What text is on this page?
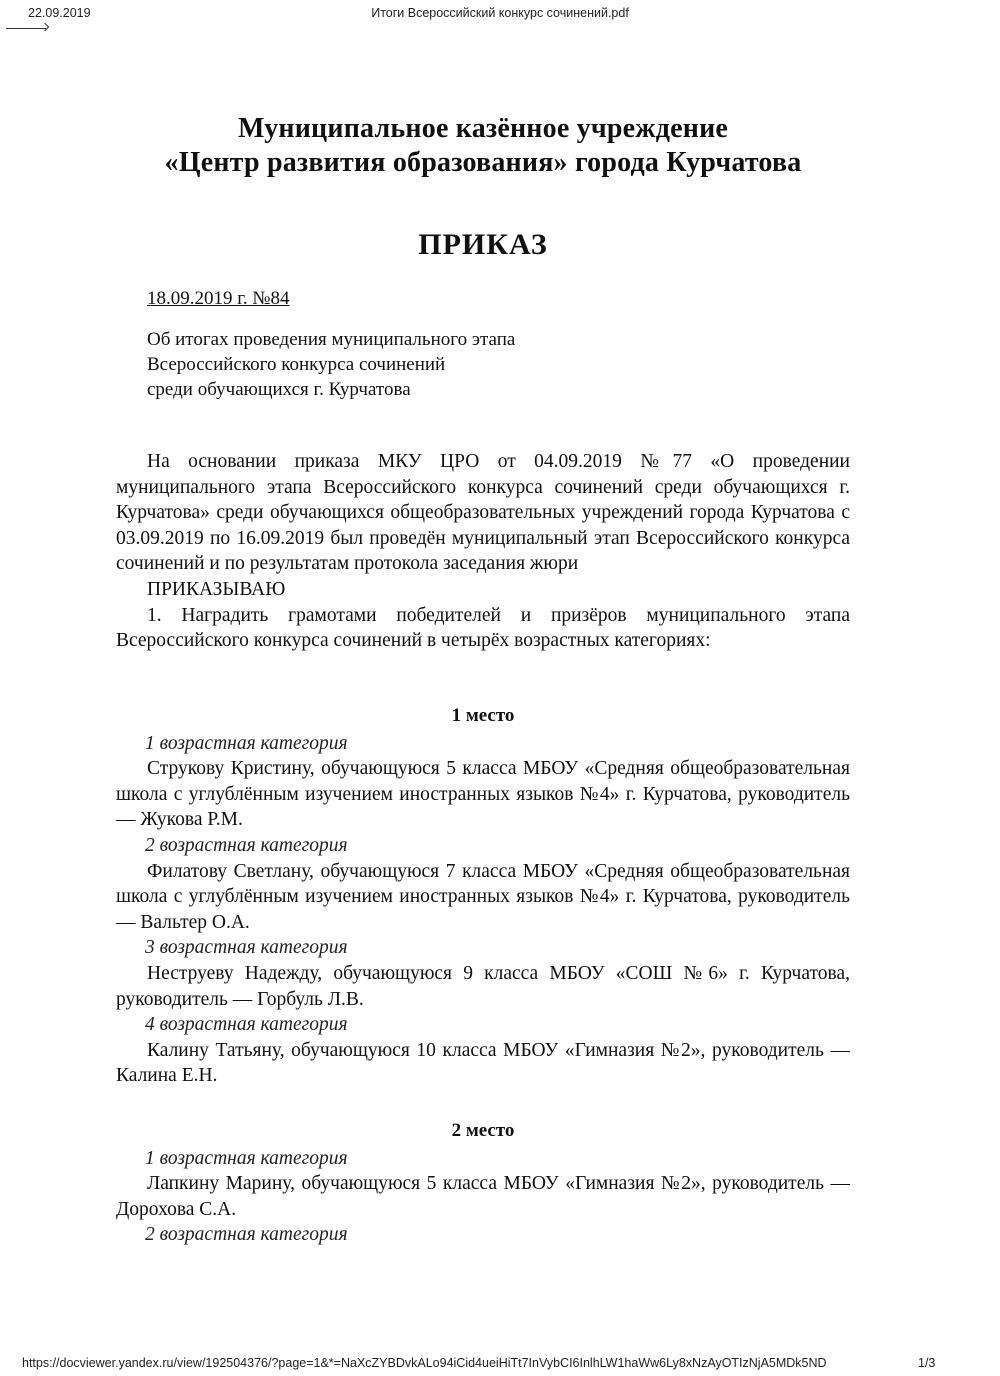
22.09.2019	Итоги Всероссийский конкурс сочинений.pdf
Муниципальное казённое учреждение
«Центр развития образования» города Курчатова
ПРИКАЗ
18.09.2019 г. №84
Об итогах проведения муниципального этапа
Всероссийского конкурса сочинений
среди обучающихся г. Курчатова

На основании приказа МКУ ЦРО от 04.09.2019 №77 «О проведении муниципального этапа Всероссийского конкурса сочинений среди обучающихся г. Курчатова» среди обучающихся общеобразовательных учреждений города Курчатова с 03.09.2019 по 16.09.2019 был проведён муниципальный этап Всероссийского конкурса сочинений и по результатам протокола заседания жюри

ПРИКАЗЫВАЮ

1. Наградить грамотами победителей и призёров муниципального этапа Всероссийского конкурса сочинений в четырёх возрастных категориях:

1 место
1 возрастная категория

Струкову Кристину, обучающуюся 5 класса МБОУ «Средняя общеобразовательная школа с углублённым изучением иностранных языков №4» г. Курчатова, руководитель — Жукова Р.М.

2 возрастная категория

Филатову Светлану, обучающуюся 7 класса МБОУ «Средняя общеобразовательная школа с углублённым изучением иностранных языков №4» г. Курчатова, руководитель — Вальтер О.А.

3 возрастная категория

Неструеву Надежду, обучающуюся 9 класса МБОУ «СОШ №6» г. Курчатова, руководитель — Горбуль Л.В.

4 возрастная категория

Калину Татьяну, обучающуюся 10 класса МБОУ «Гимназия №2», руководитель — Калина Е.Н.

2 место
1 возрастная категория

Лапкину Марину, обучающуюся 5 класса МБОУ «Гимназия №2», руководитель — Дорохова С.А.

2 возрастная категория
https://docviewer.yandex.ru/view/192504376/?page=1&*=NaXcZYBDvkALo94iCid4ueiHiTt7InVybCI6InlhLW1haWw6Ly8xNzAyOTIzNjA5MDk5ND	1/3
